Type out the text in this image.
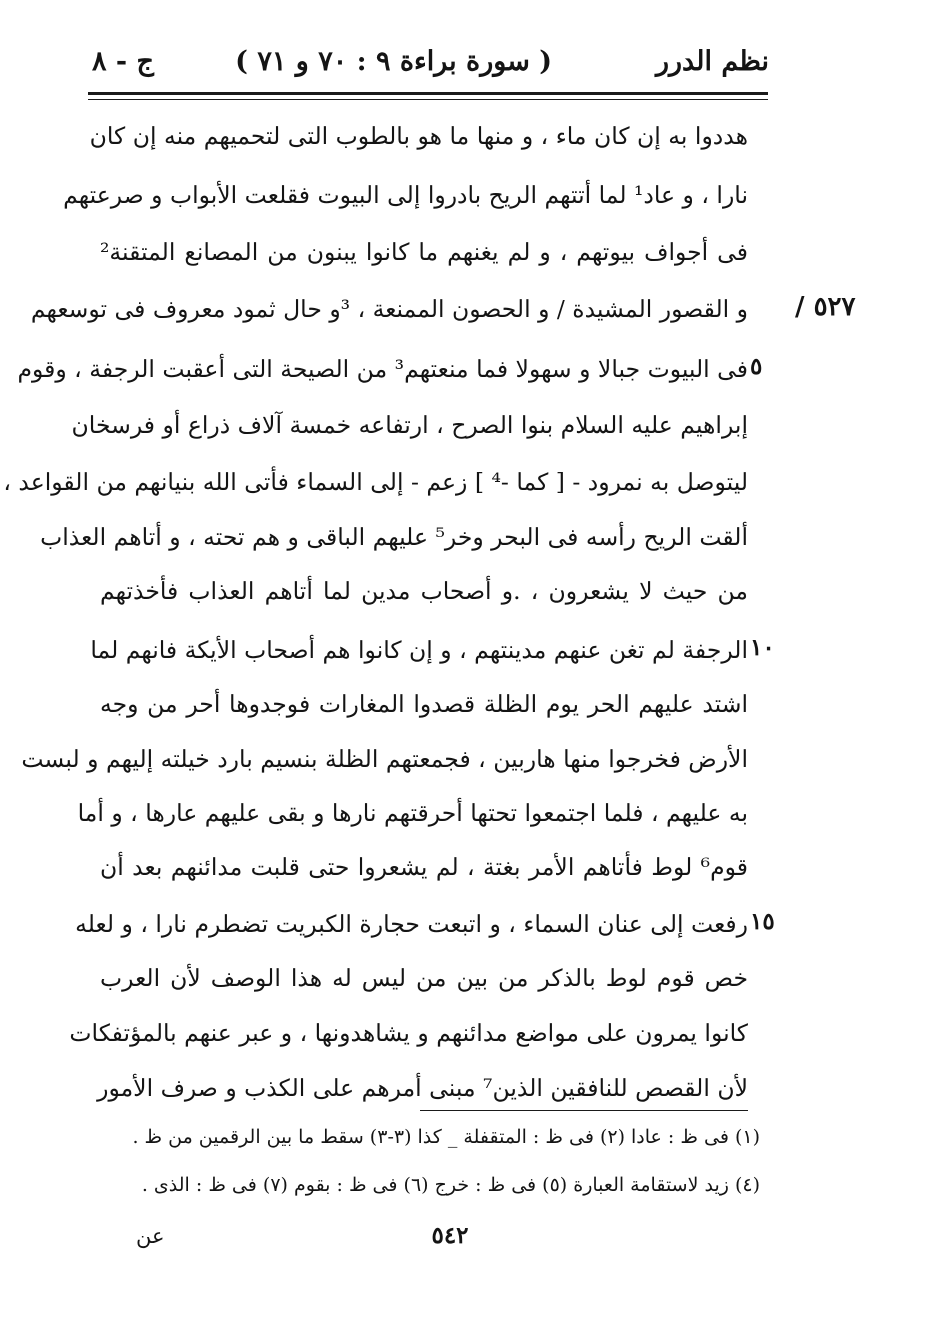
نظم الدرر
( سورة براءة ٩ : ٧٠ و ٧١ )
ج - ٨
/ ٥٢٧
هددوا به إن كان ماء ، و منها ما هو بالطوب التى لتحميهم منه إن كان
نارا ، و عاد¹ لما أتتهم الريح بادروا إلى البيوت فقلعت الأبواب و صرعتهم
فى أجواف بيوتهم ، و لم يغنهم ما كانوا يبنون من المصانع المتقنة²
و القصور المشيدة / و الحصون الممنعة ، ³و حال ثمود معروف فى توسعهم
فى البيوت جبالا و سهولا فما منعتهم³ من الصيحة التى أعقبت الرجفة ، وقوم ٥
إبراهيم عليه السلام بنوا الصرح ، ارتفاعه خمسة آلاف ذراع أو فرسخان
ليتوصل به نمرود - [ كما -⁴ ] زعم - إلى السماء فأتى الله بنيانهم من القواعد ،
ألقت الريح رأسه فى البحر وخر⁵ عليهم الباقى و هم تحته ، و أتاهم العذاب
من حيث لا يشعرون ، .و أصحاب مدين لما أتاهم العذاب فأخذتهم
الرجفة لم تغن عنهم مدينتهم ، و إن كانوا هم أصحاب الأيكة فانهم لما ١٠
اشتد عليهم الحر يوم الظلة قصدوا المغارات فوجدوها أحر من وجه
الأرض فخرجوا منها هاربين ، فجمعتهم الظلة بنسيم بارد خيلته إليهم و لبست
به عليهم ، فلما اجتمعوا تحتها أحرقتهم نارها و بقى عليهم عارها ، و أما
قوم⁶ لوط فأتاهم الأمر بغتة ، لم يشعروا حتى قلبت مدائنهم بعد أن
رفعت إلى عنان السماء ، و اتبعت حجارة الكبريت تضطرم نارا ، و لعله ١٥
خص قوم لوط بالذكر من بين من ليس له هذا الوصف لأن العرب
كانوا يمرون على مواضع مدائنهم و يشاهدونها ، و عبر عنهم بالمؤتفكات
لأن القصص للنافقين الذين⁷ مبنى أمرهم على الكذب و صرف الأمور
(١) فى ظ : عادا (٢) فى ظ : المتقفلة _ كذا (٣-٣) سقط ما بين الرقمين من ظ .
(٤) زيد لاستقامة العبارة (٥) فى ظ : خرج (٦) فى ظ : بقوم (٧) فى ظ : الذى .
عن	٥٤٢
